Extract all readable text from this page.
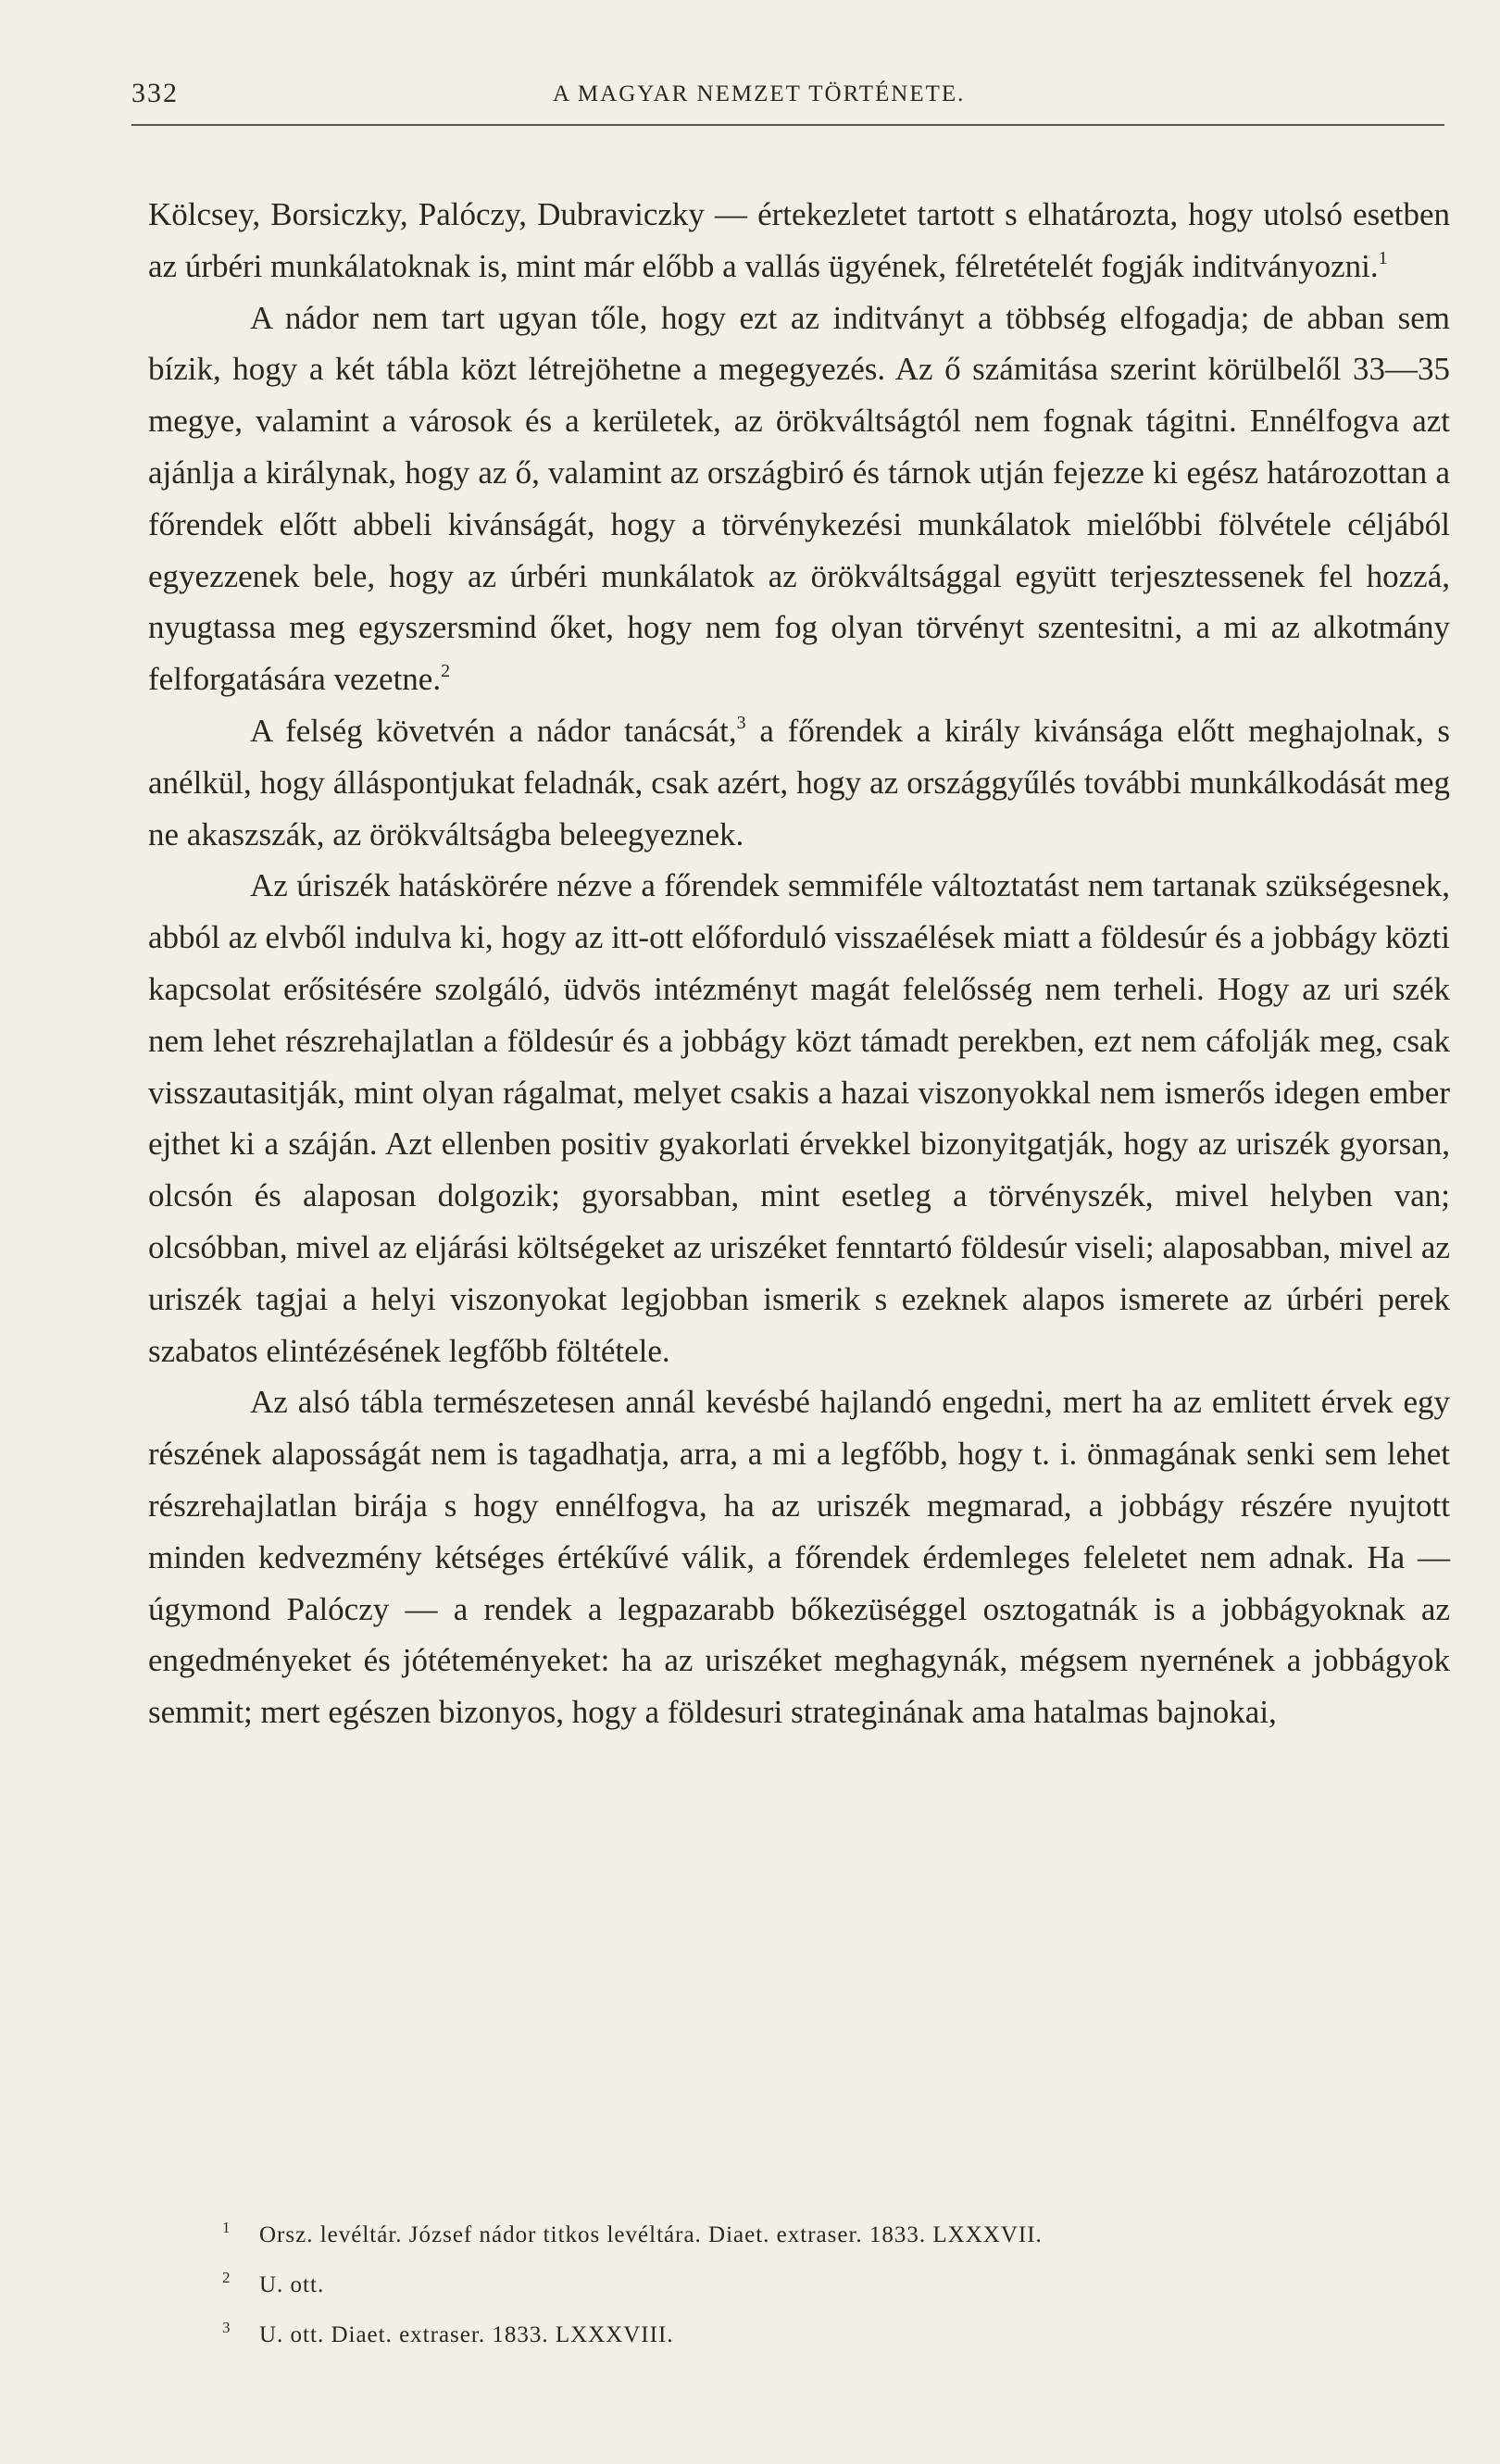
332	A MAGYAR NEMZET TÖRTÉNETE.

Kölcsey, Borsiczky, Palóczy, Dubraviczky — értekezletet tartott s elhatározta, hogy utolsó esetben az úrbéri munkálatoknak is, mint már előbb a vallás ügyének, félretételét fogják inditványozni.$^1$

A nádor nem tart ugyan tőle, hogy ezt az inditványt a többség elfogadja; de abban sem bízik, hogy a két tábla közt létrejöhetne a megegyezés. Az ő számitása szerint körülbelől 33—35 megye, valamint a városok és a kerületek, az örökváltságtól nem fognak tágitni. Ennélfogva azt ajánlja a királynak, hogy az ő, valamint az országbiró és tárnok utján fejezze ki egész határozottan a főrendek előtt abbeli kivánságát, hogy a törvénykezési munkálatok mielőbbi fölvétele céljából egyezzenek bele, hogy az úrbéri munkálatok az örökváltsággal együtt terjesztessenek fel hozzá, nyugtassa meg egyszersmind őket, hogy nem fog olyan törvényt szentesitni, a mi az alkotmány felforgatására vezetne.$^2$

A felség követvén a nádor tanácsát,$^3$ a főrendek a király kivánsága előtt meghajolnak, s anélkül, hogy álláspontjukat feladnák, csak azért, hogy az országgyűlés további munkálkodását meg ne akaszszák, az örökváltságba beleegyeznek.

Az úriszék hatáskörére nézve a főrendek semmiféle változtatást nem tartanak szükségesnek, abból az elvből indulva ki, hogy az itt-ott előforduló visszaélések miatt a földesúr és a jobbágy közti kapcsolat erősitésére szolgáló, üdvös intézményt magát felelősség nem terheli. Hogy az uri szék nem lehet részrehajlatlan a földesúr és a jobbágy közt támadt perekben, ezt nem cáfolják meg, csak visszautasitják, mint olyan rágalmat, melyet csakis a hazai viszonyokkal nem ismerős idegen ember ejthet ki a száján. Azt ellenben positiv gyakorlati érvekkel bizonyitgatják, hogy az uriszék gyorsan, olcsón és alaposan dolgozik; gyorsabban, mint esetleg a törvényszék, mivel helyben van; olcsóbban, mivel az eljárási költségeket az uriszéket fenntartó földesúr viseli; alaposabban, mivel az uriszék tagjai a helyi viszonyokat legjobban ismerik s ezeknek alapos ismerete az úrbéri perek szabatos elintézésének legfőbb föltétele.

Az alsó tábla természetesen annál kevésbé hajlandó engedni, mert ha az emlitett érvek egy részének alaposságát nem is tagadhatja, arra, a mi a legfőbb, hogy t. i. önmagának senki sem lehet részrehajlatlan birája s hogy ennélfogva, ha az uriszék megmarad, a jobbágy részére nyujtott minden kedvezmény kétséges értékűvé válik, a főrendek érdemleges feleletet nem adnak. Ha — úgymond Palóczy — a rendek a legpazarabb bőkezüséggel osztogatnák is a jobbágyoknak az engedményeket és jótéteményeket: ha az uriszéket meghagynák, mégsem nyernének a jobbágyok semmit; mert egészen bizonyos, hogy a földesuri strateginának ama hatalmas bajnokai,

1 Orsz. levéltár. József nádor titkos levéltára. Diaet. extraser. 1833. LXXXVII.
2 U. ott.
3 U. ott. Diaet. extraser. 1833. LXXXVIII.
